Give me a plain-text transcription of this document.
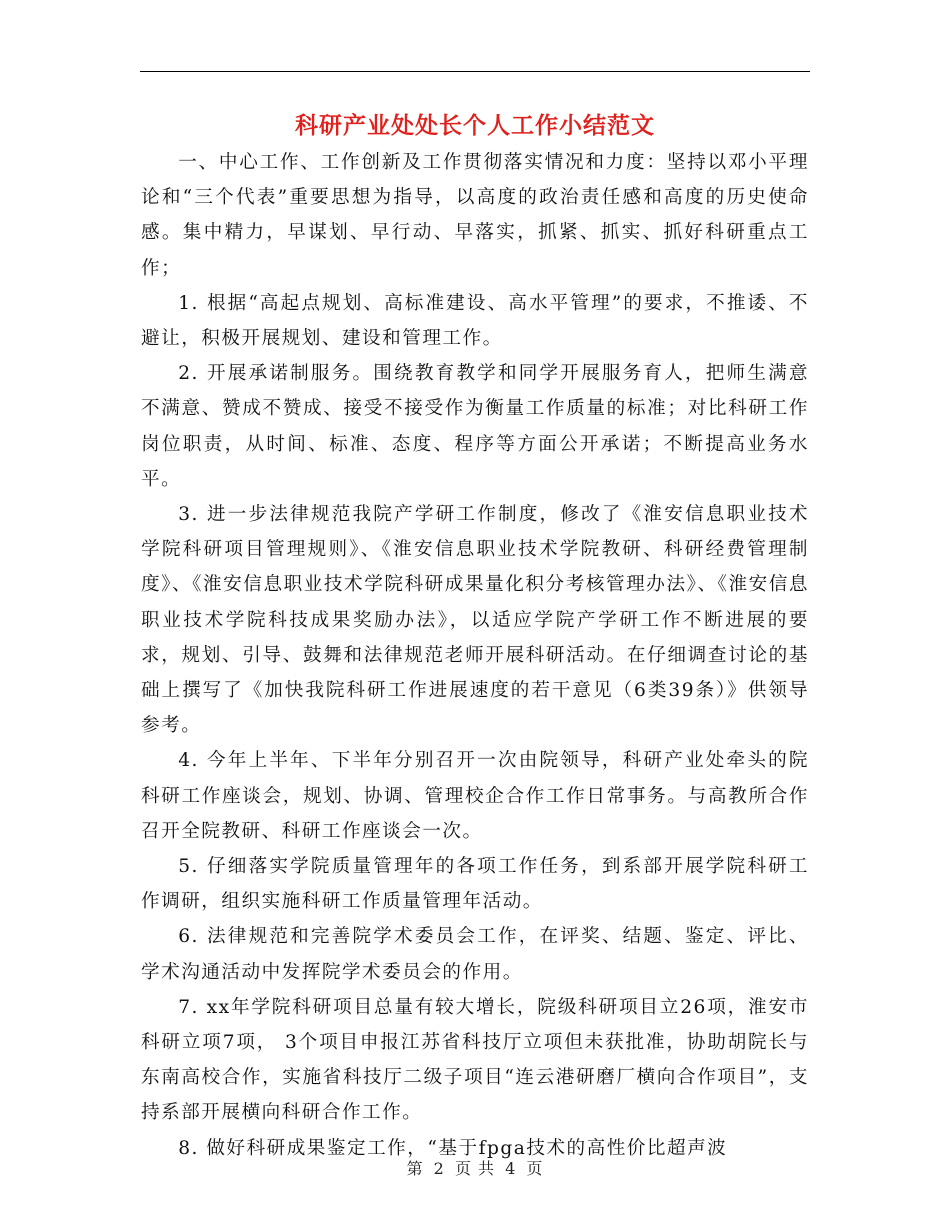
科研产业处处长个人工作小结范文

一、中心工作、工作创新及工作贯彻落实情况和力度：坚持以邓小平理论和“三个代表”重要思想为指导，以高度的政治责任感和高度的历史使命感。集中精力，早谋划、早行动、早落实，抓紧、抓实、抓好科研重点工作；

1. 根据“高起点规划、高标准建设、高水平管理”的要求，不推诿、不避让，积极开展规划、建设和管理工作。

2. 开展承诺制服务。围绕教育教学和同学开展服务育人，把师生满意不满意、赞成不赞成、接受不接受作为衡量工作质量的标准；对比科研工作岗位职责，从时间、标准、态度、程序等方面公开承诺；不断提高业务水平。

3. 进一步法律规范我院产学研工作制度，修改了《淮安信息职业技术学院科研项目管理规则》、《淮安信息职业技术学院教研、科研经费管理制度》、《淮安信息职业技术学院科研成果量化积分考核管理办法》、《淮安信息职业技术学院科技成果奖励办法》，以适应学院产学研工作不断进展的要求，规划、引导、鼓舞和法律规范老师开展科研活动。在仔细调查讨论的基础上撰写了《加快我院科研工作进展速度的若干意见（6类39条）》供领导参考。

4. 今年上半年、下半年分别召开一次由院领导，科研产业处牵头的院科研工作座谈会，规划、协调、管理校企合作工作日常事务。与高教所合作召开全院教研、科研工作座谈会一次。

5. 仔细落实学院质量管理年的各项工作任务，到系部开展学院科研工作调研，组织实施科研工作质量管理年活动。

6. 法律规范和完善院学术委员会工作，在评奖、结题、鉴定、评比、学术沟通活动中发挥院学术委员会的作用。

7. xx年学院科研项目总量有较大增长，院级科研项目立26项，淮安市科研立项7项， 3个项目申报江苏省科技厅立项但未获批准，协助胡院长与东南高校合作，实施省科技厅二级子项目“连云港研磨厂横向合作项目”，支持系部开展横向科研合作工作。

8. 做好科研成果鉴定工作，“基于fpga技术的高性价比超声波

第 2 页 共 4 页
